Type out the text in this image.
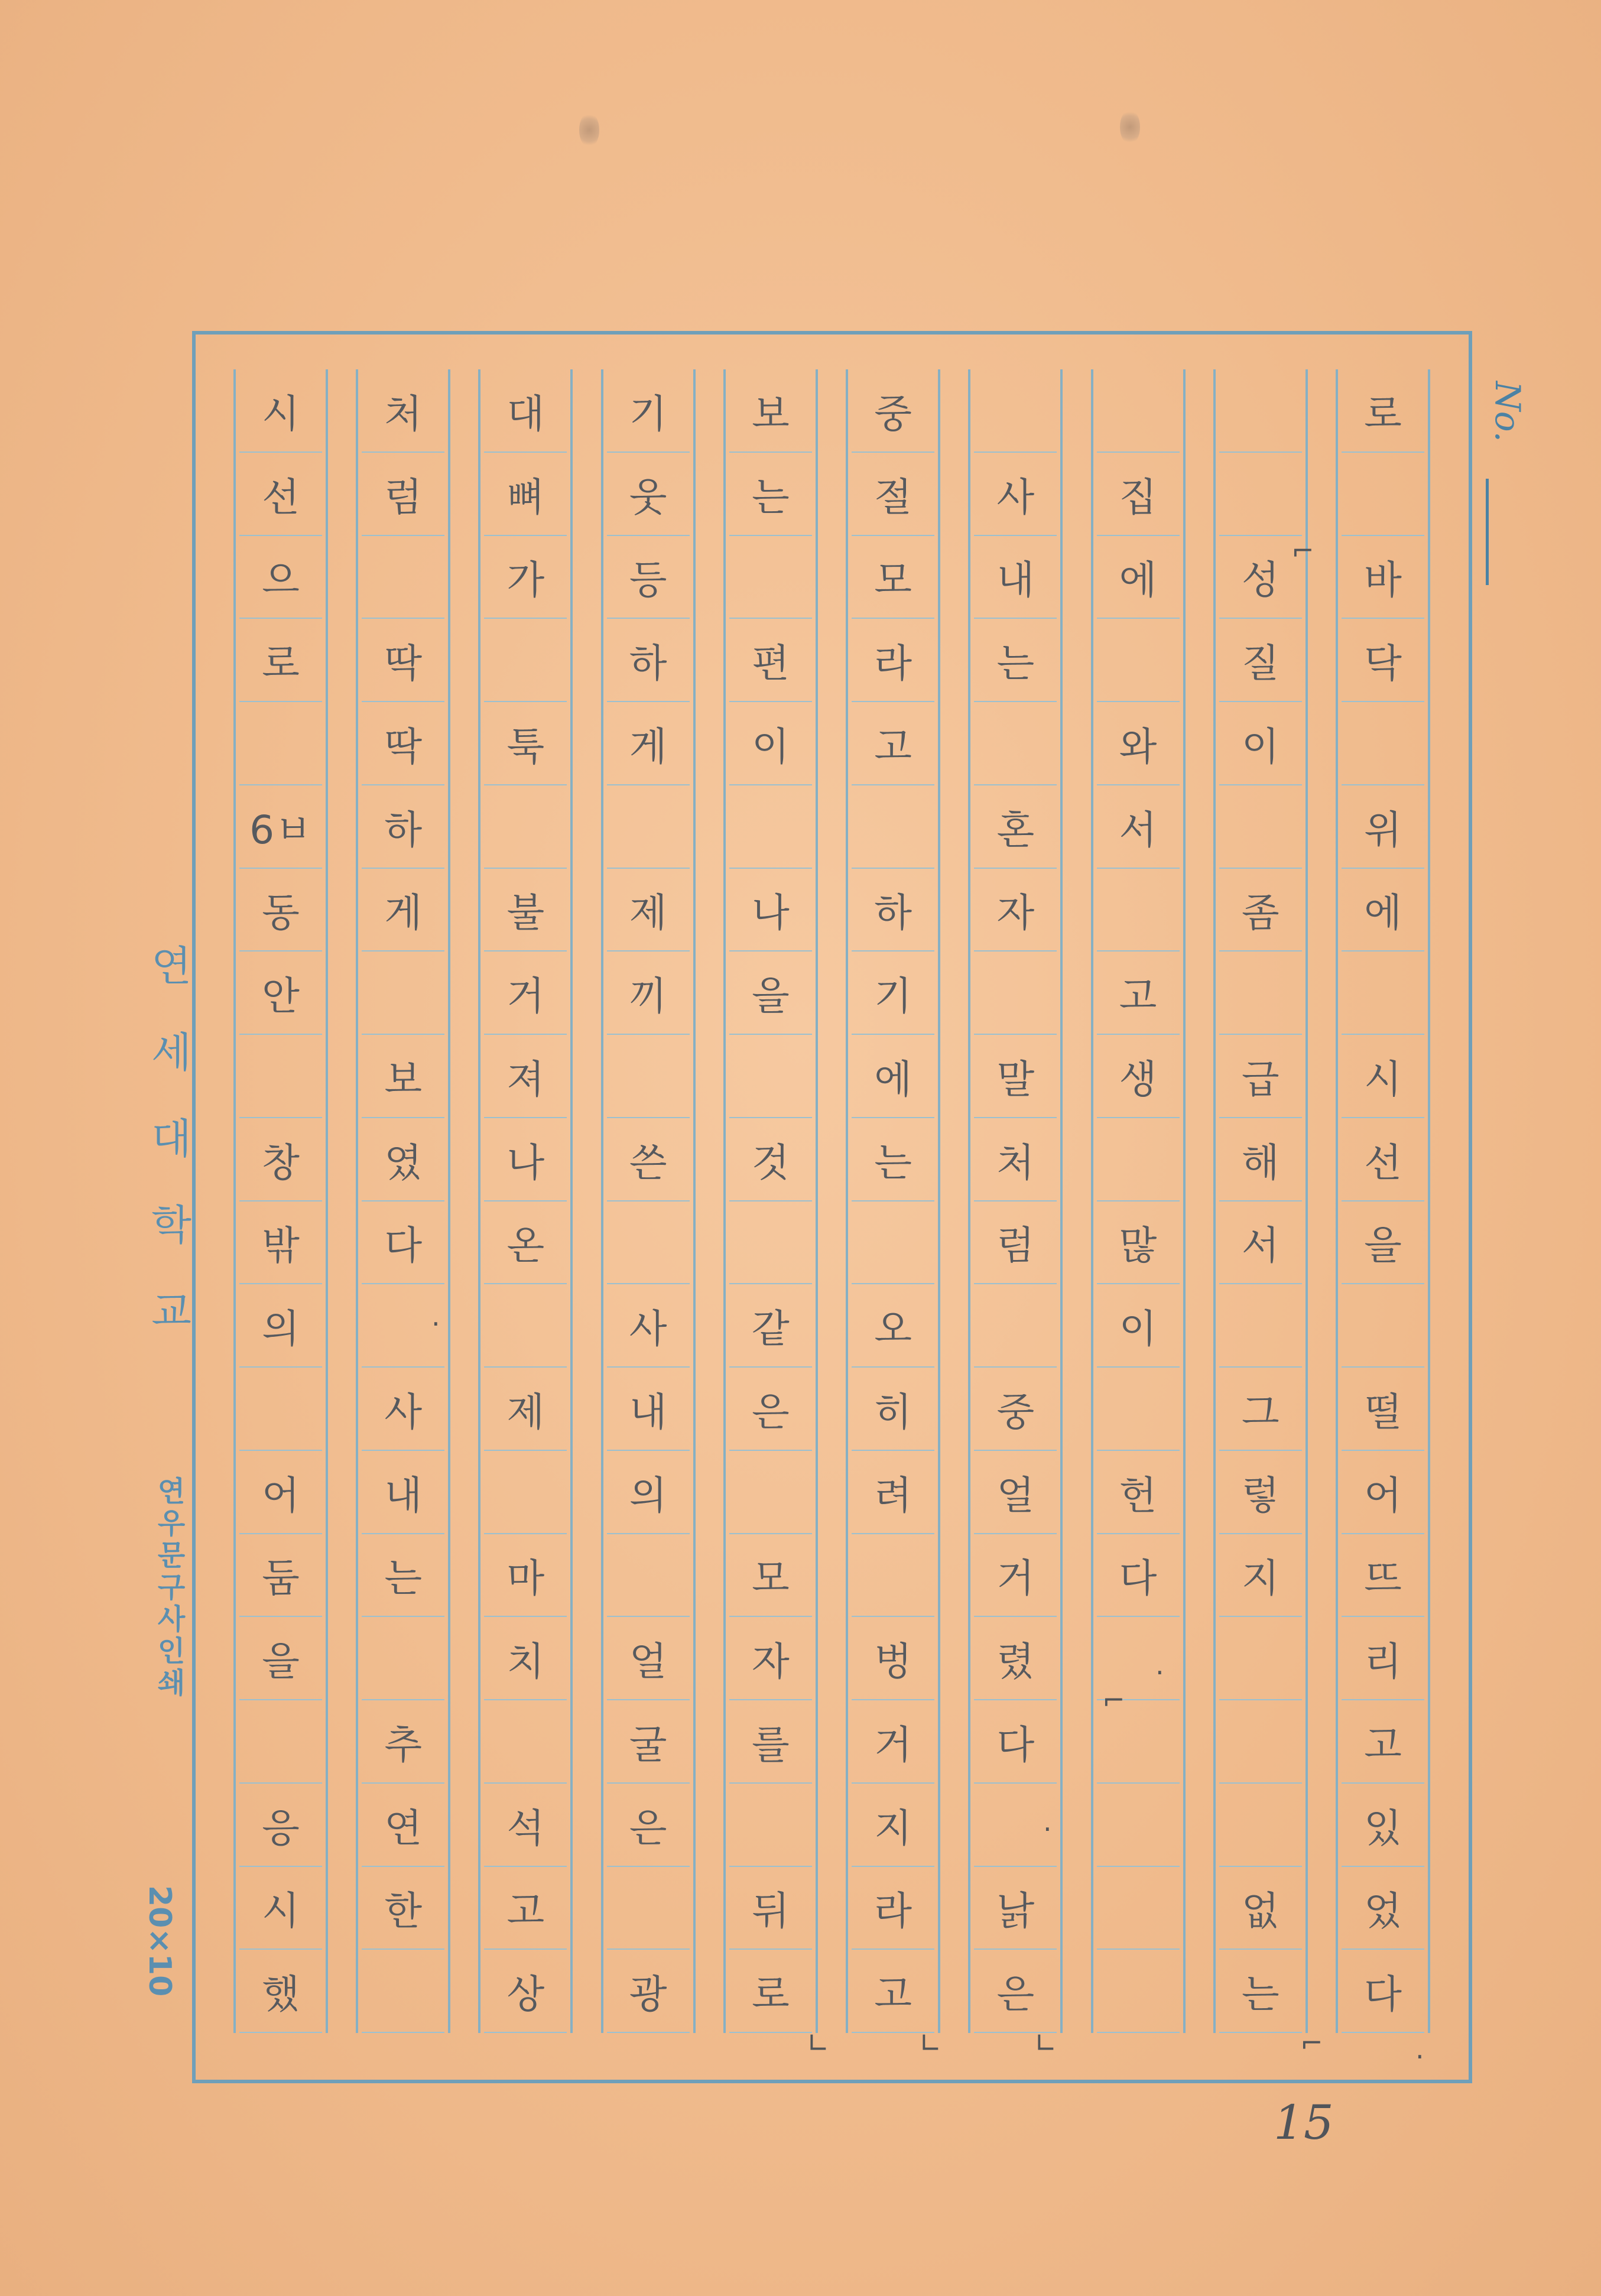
No.
로
바
닥
위
에
시
선
을
떨
어
뜨
리
고
있
었
다
성
질
이
좀
급
해
서
그
렇
지
없
는
집
에
와
서
고
생
많
이
헌
다
사
내
는
혼
자
말
처
럼
중
얼
거
렸
다
낡
은
중
절
모
라
고
하
기
에
는
오
히
려
벙
거
지
라
고
보
는
편
이
나
을
것
같
은
모
자
를
뒤
로
기
웃
등
하
게
제
끼
쓴
사
내
의
얼
굴
은
광
대
뼈
가
툭
불
거
져
나
온
제
마
치
석
고
상
처
럼
딱
딱
하
게
보
였
다
사
내
는
추
연
한
시
선
으
로
6ㅂ
동
안
창
밖
의
어
둠
을
응
시
했
연
세
대
학
교
연
우
문
구
사
인
쇄
20×10
15
.
⌐
⌐
⌐
.
∟
∟
∟
.
.
